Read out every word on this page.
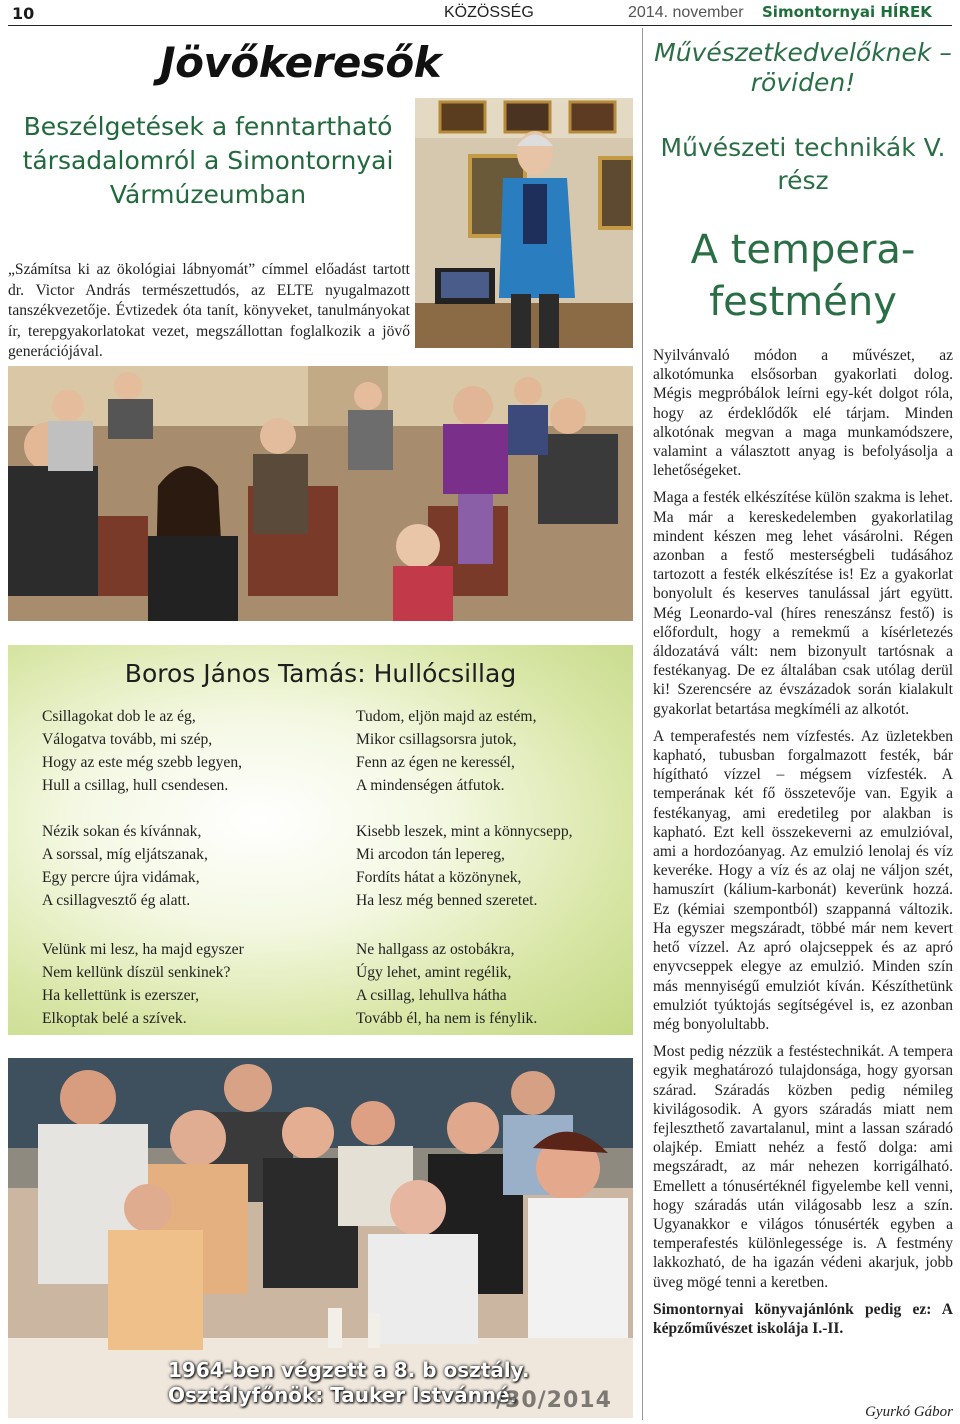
10	KÖZÖSSÉG	2014. november Simontornyai HÍREK
Jövőkeresők
Beszélgetések a fenntartható társadalomról a Simontornyai Vármúzeumban
„Számítsa ki az ökológiai lábnyomát” címmel előadást tartott dr. Victor András természettudós, az ELTE nyugalmazott tanszékvezetője. Évtizedek óta tanít, könyveket, tanulmányokat ír, terepgyakorlatokat vezet, megszállottan foglalkozik a jövő generációjával.
Boros János Tamás: Hullócsillag
Csillagokat dob le az ég,
Válogatva tovább, mi szép,
Hogy az este még szebb legyen,
Hull a csillag, hull csendesen.
Nézik sokan és kívánnak,
A sorssal, míg eljátszanak,
Egy percre újra vidámak,
A csillagvesztő ég alatt.
Velünk mi lesz, ha majd egyszer
Nem kellünk díszül senkinek?
Ha kellettünk is ezerszer,
Elkoptak belé a szívek.
Tudom, eljön majd az estém,
Mikor csillagsorsra jutok,
Fenn az égen ne keressél,
A mindenségen átfutok.
Kisebb leszek, mint a könnycsepp,
Mi arcodon tán lepereg,
Fordíts hátat a közönynek,
Ha lesz még benned szeretet.
Ne hallgass az ostobákra,
Úgy lehet, amint regélik,
A csillag, lehullva hátha
Tovább él, ha nem is fénylik.
1964-ben végzett a 8. b osztály.
Osztályfőnök: Tauker Istvánné.
/30/2014
Művészetkedvelőknek – röviden!
Művészeti technikák V. rész
A tempera-festmény

Nyilvánvaló módon a művészet, az alkotómunka elsősorban gyakorlati dolog. Mégis megpróbálok leírni egy-két dolgot róla, hogy az érdeklődők elé tárjam. Minden alkotónak megvan a maga munkamódszere, valamint a választott anyag is befolyásolja a lehetőségeket.

Maga a festék elkészítése külön szakma is lehet. Ma már a kereskedelemben gyakorlatilag mindent készen meg lehet vásárolni. Régen azonban a festő mesterségbeli tudásához tartozott a festék elkészítése is! Ez a gyakorlat bonyolult és keserves tanulással járt együtt. Még Leonardo-val (híres reneszánsz festő) is előfordult, hogy a remekmű a kísérletezés áldozatává vált: nem bizonyult tartósnak a festékanyag. De ez általában csak utólag derül ki! Szerencsére az évszázadok során kialakult gyakorlat betartása megkíméli az alkotót.

A temperafestés nem vízfestés. Az üzletekben kapható, tubusban forgalmazott festék, bár hígítható vízzel – mégsem vízfesték. A temperának két fő összetevője van. Egyik a festékanyag, ami eredetileg por alakban is kapható. Ezt kell összekeverni az emulzióval, ami a hordozóanyag. Az emulzió lenolaj és víz keveréke. Hogy a víz és az olaj ne váljon szét, hamuszírt (kálium-karbonát) keverünk hozzá. Ez (kémiai szempontból) szappanná változik. Ha egyszer megszáradt, többé már nem kevert hető vízzel. Az apró olajcseppek és az apró enyvcseppek elegye az emulzió. Minden szín más mennyiségű emulziót kíván. Készíthetünk emulziót tyúktojás segítségével is, ez azonban még bonyolultabb.

Most pedig nézzük a festéstechnikát. A tempera egyik meghatározó tulajdonsága, hogy gyorsan szárad. Száradás közben pedig némileg kivilágosodik. A gyors száradás miatt nem fejleszthető zavartalanul, mint a lassan száradó olajkép. Emiatt nehéz a festő dolga: ami megszáradt, az már nehezen korrigálható. Emellett a tónusértéknél figyelembe kell venni, hogy száradás után világosabb lesz a szín. Ugyanakkor e világos tónusérték egyben a temperafestés különlegessége is. A festmény lakkozható, de ha igazán védeni akarjuk, jobb üveg mögé tenni a keretben.

Simontornyai könyvajánlónk pedig ez: A képzőművészet iskolája I.-II.

Gyurkó Gábor
